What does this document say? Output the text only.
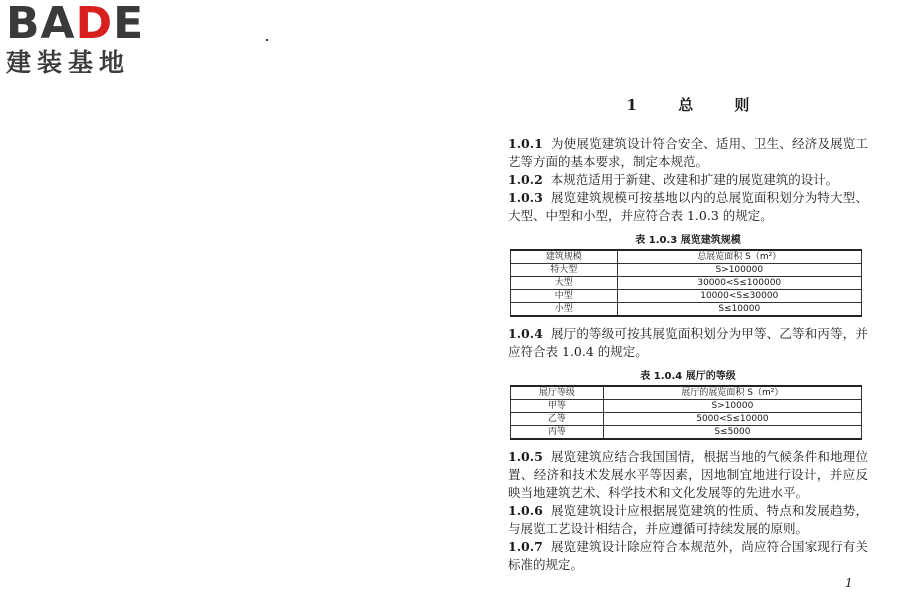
BADE
建装基地
1 总 则

1.0.1 为使展览建筑设计符合安全、适用、卫生、经济及展览工艺等方面的基本要求，制定本规范。

1.0.2 本规范适用于新建、改建和扩建的展览建筑的设计。

1.0.3 展览建筑规模可按基地以内的总展览面积划分为特大型、大型、中型和小型，并应符合表 1.0.3 的规定。

表 1.0.3 展览建筑规模
建筑规模	总展览面积 S（m²）
特大型	S>100000
大型	30000<S≤100000
中型	10000<S≤30000
小型	S≤10000

1.0.4 展厅的等级可按其展览面积划分为甲等、乙等和丙等，并应符合表 1.0.4 的规定。

表 1.0.4 展厅的等级
展厅等级	展厅的展览面积 S（m²）
甲等	S>10000
乙等	5000<S≤10000
丙等	S≤5000

1.0.5 展览建筑应结合我国国情，根据当地的气候条件和地理位置、经济和技术发展水平等因素，因地制宜地进行设计，并应反映当地建筑艺术、科学技术和文化发展等的先进水平。

1.0.6 展览建筑设计应根据展览建筑的性质、特点和发展趋势，与展览工艺设计相结合，并应遵循可持续发展的原则。

1.0.7 展览建筑设计除应符合本规范外，尚应符合国家现行有关标准的规定。

1
